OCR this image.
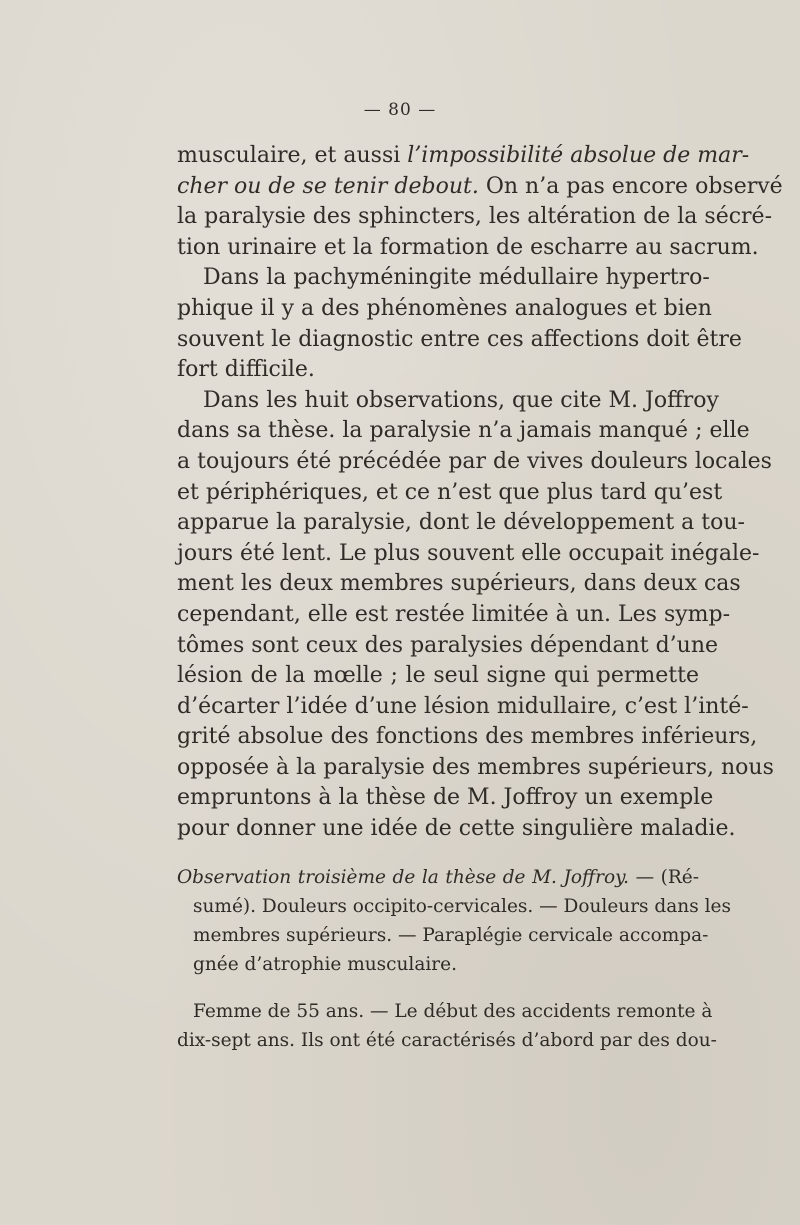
— 80 —
musculaire, et aussi l’impossibilité absolue de mar-
cher ou de se tenir debout. On n’a pas encore observé
la paralysie des sphincters, les altération de la sécré-
tion urinaire et la formation de escharre au sacrum.
Dans la pachyméningite médullaire hypertro-
phique il y a des phénomènes analogues et bien
souvent le diagnostic entre ces affections doit être
fort difficile.
Dans les huit observations, que cite M. Joffroy
dans sa thèse. la paralysie n’a jamais manqué ; elle
a toujours été précédée par de vives douleurs locales
et périphériques, et ce n’est que plus tard qu’est
apparue la paralysie, dont le développement a tou-
jours été lent. Le plus souvent elle occupait inégale-
ment les deux membres supérieurs, dans deux cas
cependant, elle est restée limitée à un. Les symp-
tômes sont ceux des paralysies dépendant d’une
lésion de la mœlle ; le seul signe qui permette
d’écarter l’idée d’une lésion midullaire, c’est l’inté-
grité absolue des fonctions des membres inférieurs,
opposée à la paralysie des membres supérieurs, nous
empruntons à la thèse de M. Joffroy un exemple
pour donner une idée de cette singulière maladie.
Observation troisième de la thèse de M. Joffroy. — (Ré-
sumé). Douleurs occipito-cervicales. — Douleurs dans les
membres supérieurs. — Paraplégie cervicale accompa-
gnée d’atrophie musculaire.
Femme de 55 ans. — Le début des accidents remonte à
dix-sept ans. Ils ont été caractérisés d’abord par des dou-
